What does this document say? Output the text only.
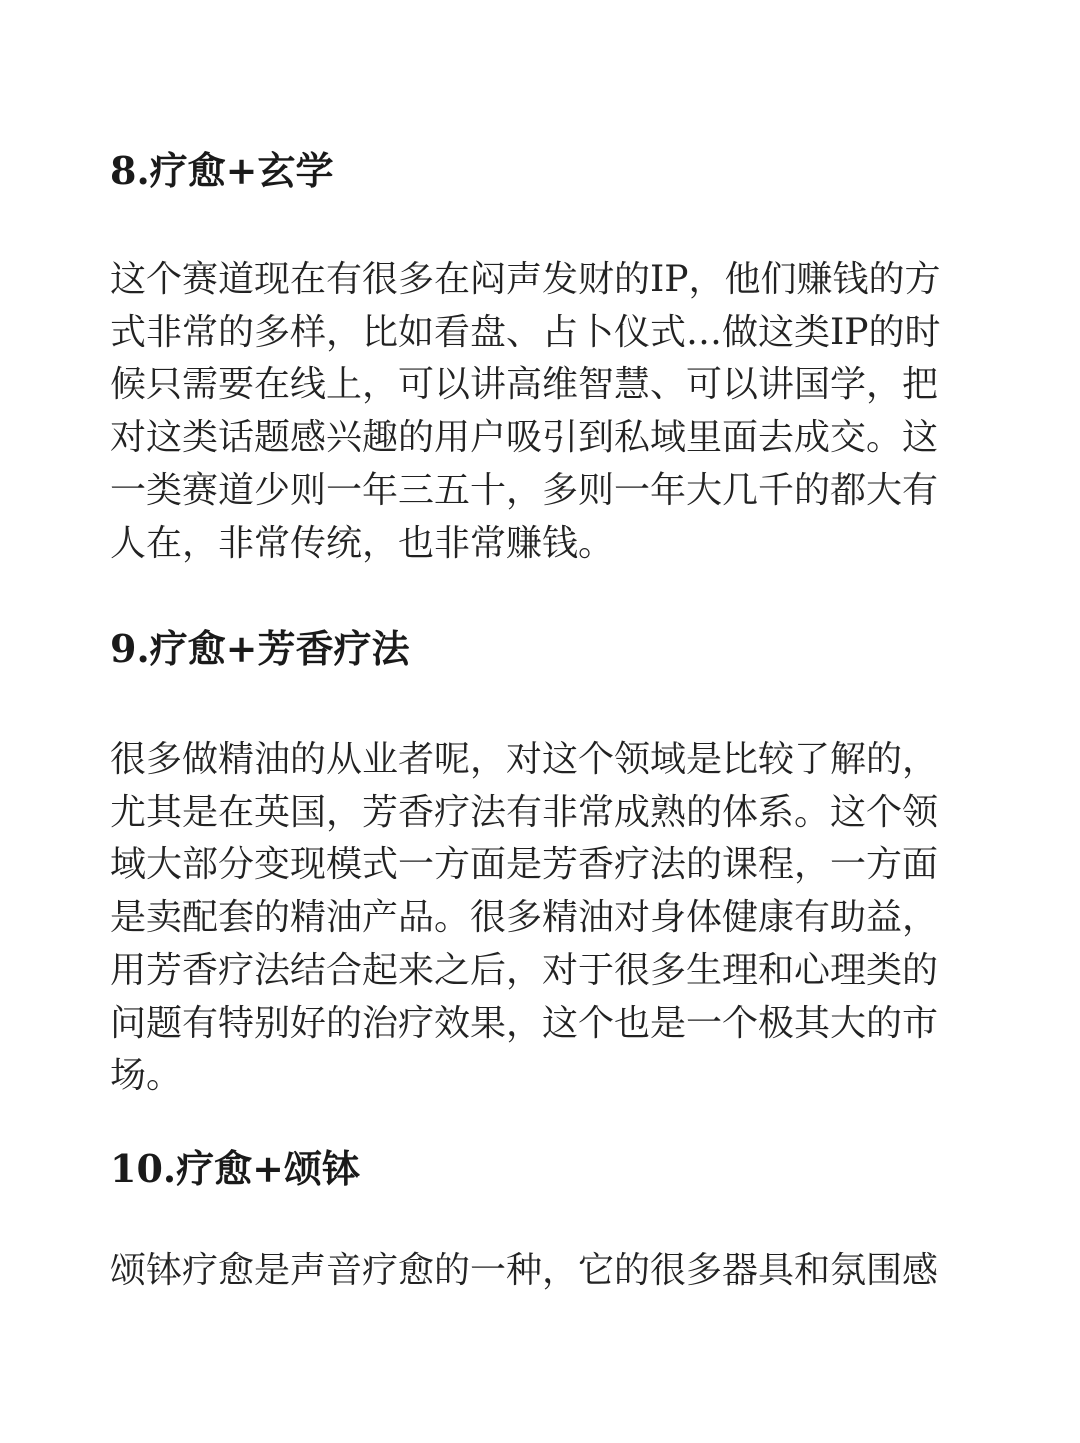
8.疗愈+玄学

这个赛道现在有很多在闷声发财的IP，他们赚钱的方
式非常的多样，比如看盘、占卜仪式…做这类IP的时
候只需要在线上，可以讲高维智慧、可以讲国学，把
对这类话题感兴趣的用户吸引到私域里面去成交。这
一类赛道少则一年三五十，多则一年大几千的都大有
人在，非常传统，也非常赚钱。

9.疗愈+芳香疗法

很多做精油的从业者呢，对这个领域是比较了解的，
尤其是在英国，芳香疗法有非常成熟的体系。这个领
域大部分变现模式一方面是芳香疗法的课程，一方面
是卖配套的精油产品。很多精油对身体健康有助益，
用芳香疗法结合起来之后，对于很多生理和心理类的
问题有特别好的治疗效果，这个也是一个极其大的市
场。

10.疗愈+颂钵

颂钵疗愈是声音疗愈的一种，它的很多器具和氛围感
